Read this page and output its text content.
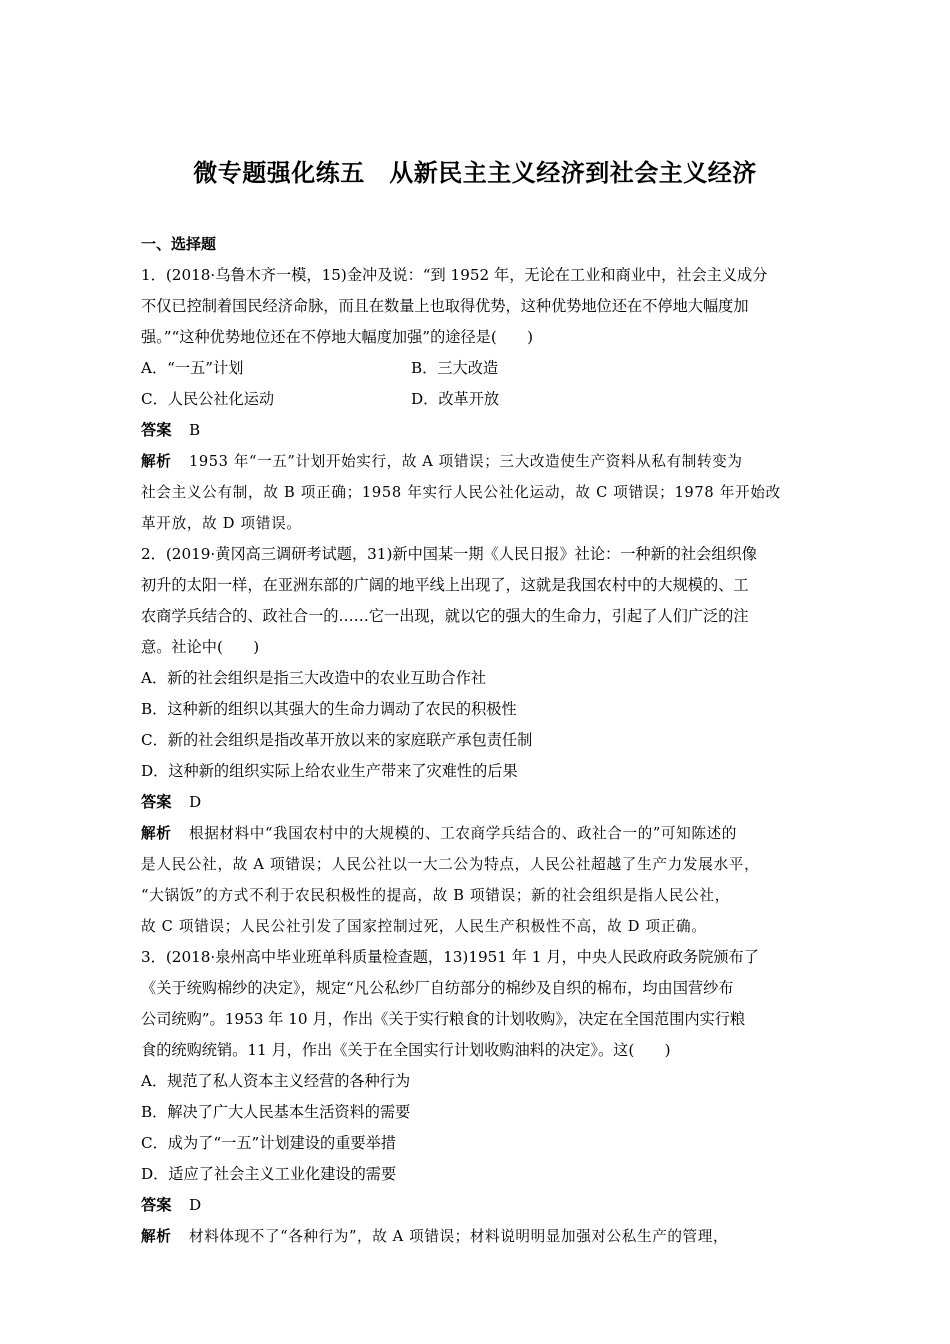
微专题强化练五　从新民主主义经济到社会主义经济
一、选择题
1．(2018·乌鲁木齐一模，15)金冲及说：“到 1952 年，无论在工业和商业中，社会主义成分
不仅已控制着国民经济命脉，而且在数量上也取得优势，这种优势地位还在不停地大幅度加
强。”“这种优势地位还在不停地大幅度加强”的途径是(　　)
A．“一五”计划	B．三大改造
C．人民公社化运动	D．改革开放
答案 B
解析 1953 年“一五”计划开始实行，故 A 项错误；三大改造使生产资料从私有制转变为
社会主义公有制，故 B 项正确；1958 年实行人民公社化运动，故 C 项错误；1978 年开始改
革开放，故 D 项错误。
2．(2019·黄冈高三调研考试题，31)新中国某一期《人民日报》社论：一种新的社会组织像
初升的太阳一样，在亚洲东部的广阔的地平线上出现了，这就是我国农村中的大规模的、工
农商学兵结合的、政社合一的……它一出现，就以它的强大的生命力，引起了人们广泛的注
意。社论中(　　)
A．新的社会组织是指三大改造中的农业互助合作社
B．这种新的组织以其强大的生命力调动了农民的积极性
C．新的社会组织是指改革开放以来的家庭联产承包责任制
D．这种新的组织实际上给农业生产带来了灾难性的后果
答案 D
解析 根据材料中“我国农村中的大规模的、工农商学兵结合的、政社合一的”可知陈述的
是人民公社，故 A 项错误；人民公社以一大二公为特点，人民公社超越了生产力发展水平，
“大锅饭”的方式不利于农民积极性的提高，故 B 项错误；新的社会组织是指人民公社，
故 C 项错误；人民公社引发了国家控制过死，人民生产积极性不高，故 D 项正确。
3．(2018·泉州高中毕业班单科质量检查题，13)1951 年 1 月，中央人民政府政务院颁布了
《关于统购棉纱的决定》，规定“凡公私纱厂自纺部分的棉纱及自织的棉布，均由国营纱布
公司统购”。1953 年 10 月，作出《关于实行粮食的计划收购》，决定在全国范围内实行粮
食的统购统销。11 月，作出《关于在全国实行计划收购油料的决定》。这(　　)
A．规范了私人资本主义经营的各种行为
B．解决了广大人民基本生活资料的需要
C．成为了“一五”计划建设的重要举措
D．适应了社会主义工业化建设的需要
答案 D
解析 材料体现不了“各种行为”，故 A 项错误；材料说明明显加强对公私生产的管理，
